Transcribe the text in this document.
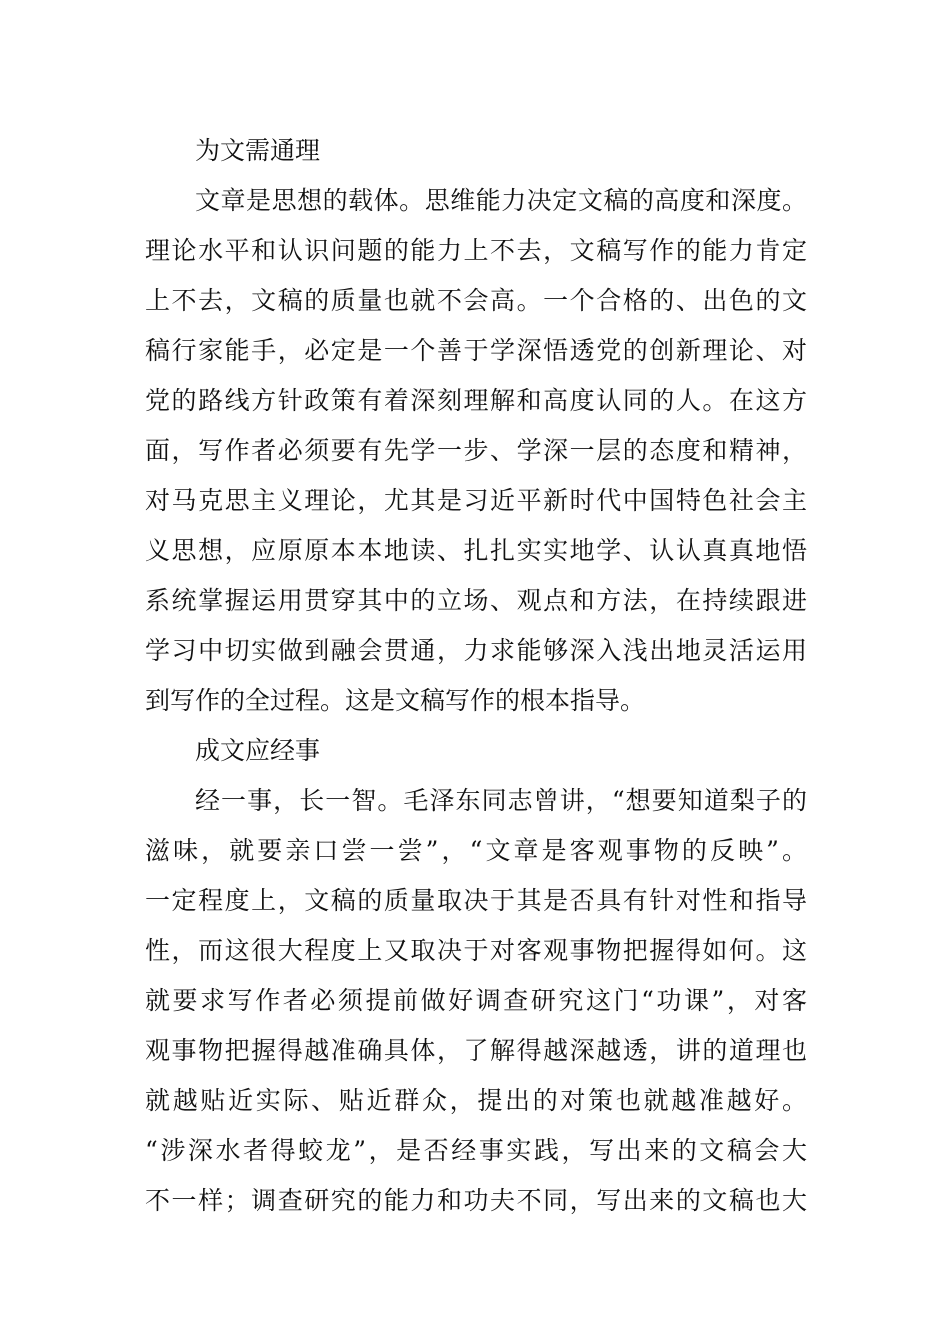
为文需通理
文章是思想的载体。思维能力决定文稿的高度和深度。
理论水平和认识问题的能力上不去，文稿写作的能力肯定
上不去，文稿的质量也就不会高。一个合格的、出色的文
稿行家能手，必定是一个善于学深悟透党的创新理论、对
党的路线方针政策有着深刻理解和高度认同的人。在这方
面，写作者必须要有先学一步、学深一层的态度和精神，
对马克思主义理论，尤其是习近平新时代中国特色社会主
义思想，应原原本本地读、扎扎实实地学、认认真真地悟
系统掌握运用贯穿其中的立场、观点和方法，在持续跟进
学习中切实做到融会贯通，力求能够深入浅出地灵活运用
到写作的全过程。这是文稿写作的根本指导。
成文应经事
经一事，长一智。毛泽东同志曾讲，“想要知道梨子的
滋味，就要亲口尝一尝”，“文章是客观事物的反映”。
一定程度上，文稿的质量取决于其是否具有针对性和指导
性，而这很大程度上又取决于对客观事物把握得如何。这
就要求写作者必须提前做好调查研究这门“功课”，对客
观事物把握得越准确具体，了解得越深越透，讲的道理也
就越贴近实际、贴近群众，提出的对策也就越准越好。
“涉深水者得蛟龙”，是否经事实践，写出来的文稿会大
不一样；调查研究的能力和功夫不同，写出来的文稿也大
